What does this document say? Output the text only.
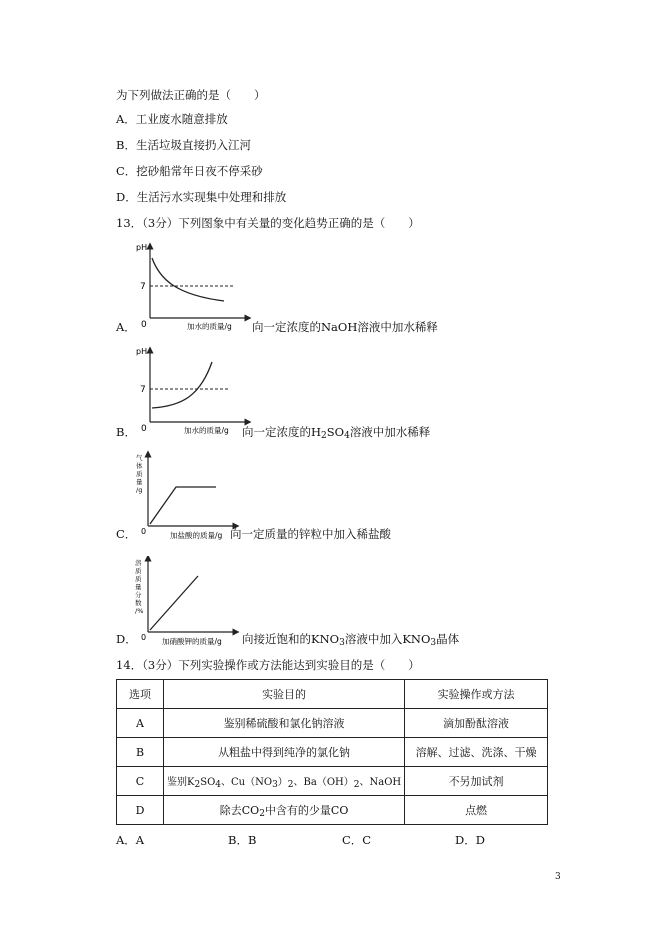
为下列做法正确的是（　　）
A．工业废水随意排放
B．生活垃圾直接扔入江河
C．挖砂船常年日夜不停采砂
D．生活污水实现集中处理和排放
13．（3分）下列图象中有关量的变化趋势正确的是（　　）
pH
7
0	加水的质量/g
A．	向一定浓度的NaOH溶液中加水稀释
pH
7
0	加水的质量/g
B．	向一定浓度的H2SO4溶液中加水稀释
气
体
质
量
/g
0	加盐酸的质量/g
C．	向一定质量的锌粒中加入稀盐酸
溶
质
质
量
分
数
/%
0 加硝酸钾的质量/g
D．	向接近饱和的KNO3溶液中加入KNO3晶体
14．（3分）下列实验操作或方法能达到实验目的是（　　）
选项	实验目的	实验操作或方法
A	鉴别稀硫酸和氯化钠溶液	滴加酚酞溶液
B	从粗盐中得到纯净的氯化钠	溶解、过滤、洗涤、干燥
C	鉴别K2SO4、Cu（NO3）2、Ba（OH）2、NaOH	不另加试剂
D	除去CO2中含有的少量CO	点燃
A．A	B．B	C．C	D．D
3
